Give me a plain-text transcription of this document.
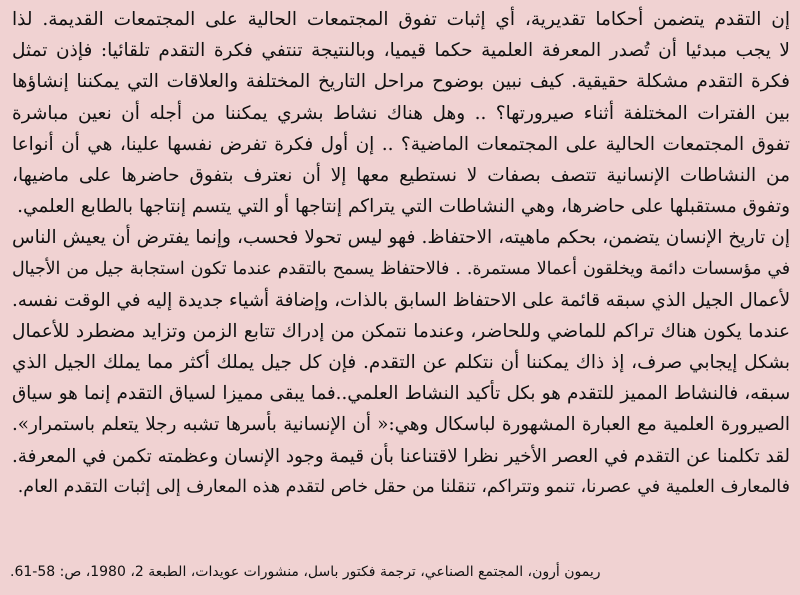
إن التقدم يتضمن أحكاما تقديرية، أي إثبات تفوق المجتمعات الحالية على المجتمعات القديمة. لذا
لا يجب مبدئيا أن تُصدر المعرفة العلمية حكما قيميا، وبالنتيجة تنتفي فكرة التقدم تلقائيا: فإذن تمثل
فكرة التقدم مشكلة حقيقية. كيف نبين بوضوح مراحل التاريخ المختلفة والعلاقات التي يمكننا إنشاؤها
بين الفترات المختلفة أثناء صيرورتها؟ .. وهل هناك نشاط بشري يمكننا من أجله أن نعين مباشرة
تفوق المجتمعات الحالية على المجتمعات الماضية؟ .. إن أول فكرة تفرض نفسها علينا، هي أن أنواعا
من النشاطات الإنسانية تتصف بصفات لا نستطيع معها إلا أن نعترف بتفوق حاضرها على ماضيها،
وتفوق مستقبلها على حاضرها، وهي النشاطات التي يتراكم إنتاجها أو التي يتسم إنتاجها بالطابع العلمي.
إن تاريخ الإنسان يتضمن، بحكم ماهيته، الاحتفاظ. فهو ليس تحولا فحسب، وإنما يفترض أن يعيش الناس
في مؤسسات دائمة ويخلقون أعمالا مستمرة. . فالاحتفاظ يسمح بالتقدم عندما تكون استجابة جيل من الأجيال
لأعمال الجيل الذي سبقه قائمة على الاحتفاظ السابق بالذات، وإضافة أشياء جديدة إليه في الوقت نفسه.
عندما يكون هناك تراكم للماضي وللحاضر، وعندما نتمكن من إدراك تتابع الزمن وتزايد مضطرد للأعمال
بشكل إيجابي صرف، إذ ذاك يمكننا أن نتكلم عن التقدم. فإن كل جيل يملك أكثر مما يملك الجيل الذي
سبقه، فالنشاط المميز للتقدم هو بكل تأكيد النشاط العلمي..فما يبقى مميزا لسياق التقدم إنما هو سياق
الصيرورة العلمية مع العبارة المشهورة لباسكال وهي:« أن الإنسانية بأسرها تشبه رجلا يتعلم باستمرار».
لقد تكلمنا عن التقدم في العصر الأخير نظرا لاقتناعنا بأن قيمة وجود الإنسان وعظمته تكمن في المعرفة.
فالمعارف العلمية في عصرنا، تنمو وتتراكم، تنقلنا من حقل خاص لتقدم هذه المعارف إلى إثبات التقدم العام.
ريمون أرون، المجتمع الصناعي، ترجمة فكتور باسل، منشورات عويدات، الطبعة 2، 1980، ص: 58-61.
